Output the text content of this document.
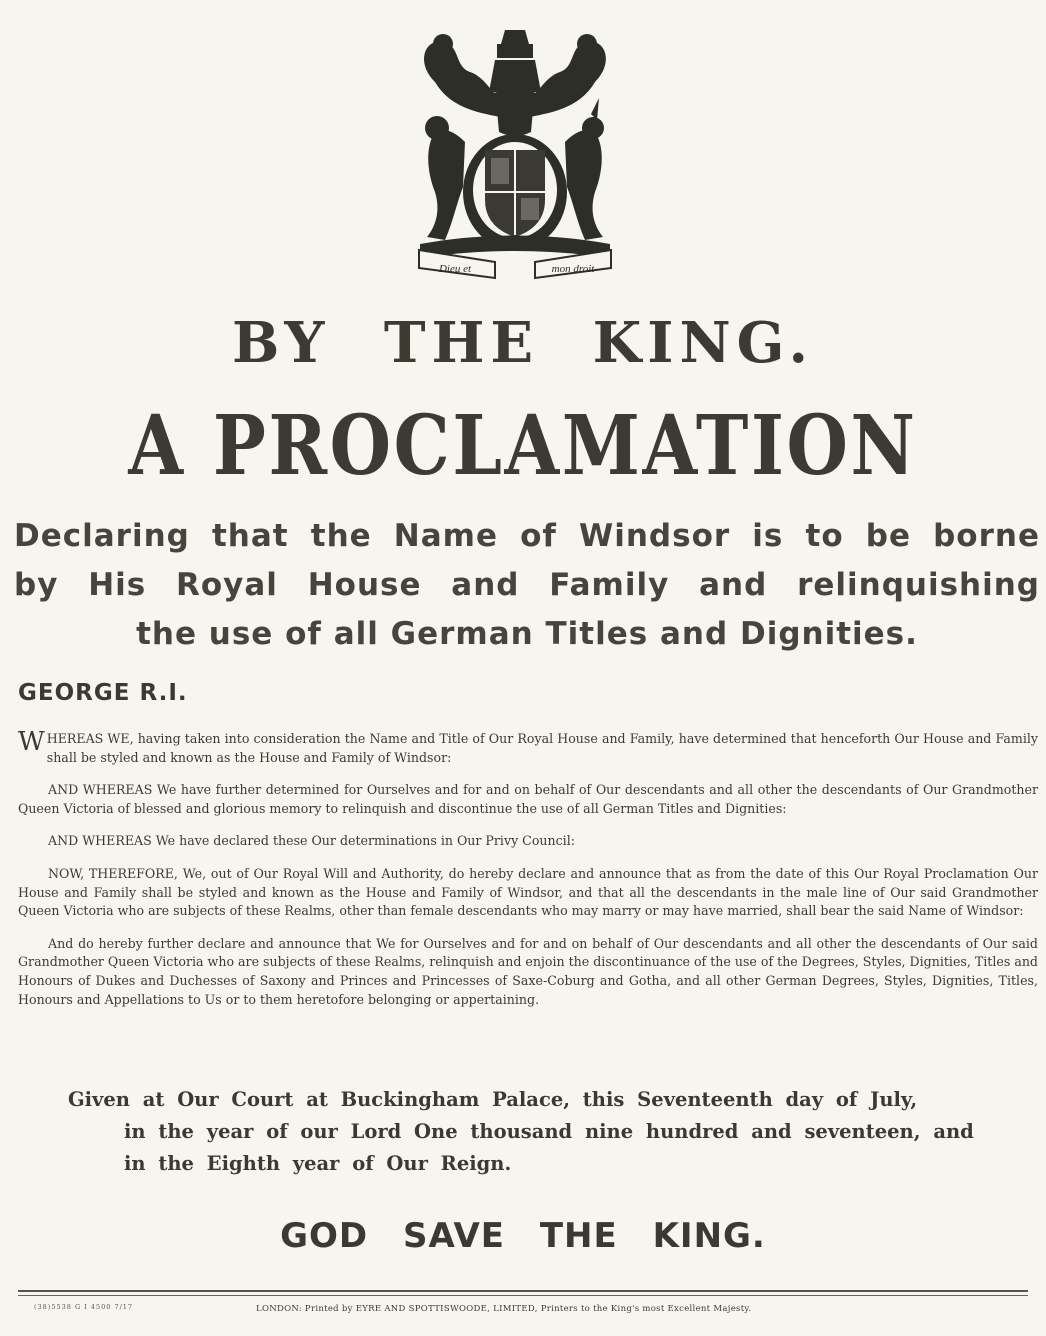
Dieu et	mon droit
BY THE KING.
A PROCLAMATION
Declaring that the Name of Windsor is to be borne
by His Royal House and Family and relinquishing
the use of all German Titles and Dignities.
GEORGE R.I.

WHEREAS WE, having taken into consideration the Name and Title of Our Royal House and Family, have determined that henceforth Our House and Family shall be styled and known as the House and Family of Windsor:

AND WHEREAS We have further determined for Ourselves and for and on behalf of Our descendants and all other the descendants of Our Grandmother Queen Victoria of blessed and glorious memory to relinquish and discontinue the use of all German Titles and Dignities:

AND WHEREAS We have declared these Our determinations in Our Privy Council:

NOW, THEREFORE, We, out of Our Royal Will and Authority, do hereby declare and announce that as from the date of this Our Royal Proclamation Our House and Family shall be styled and known as the House and Family of Windsor, and that all the descendants in the male line of Our said Grandmother Queen Victoria who are subjects of these Realms, other than female descendants who may marry or may have married, shall bear the said Name of Windsor:

And do hereby further declare and announce that We for Ourselves and for and on behalf of Our descendants and all other the descendants of Our said Grandmother Queen Victoria who are subjects of these Realms, relinquish and enjoin the discontinuance of the use of the Degrees, Styles, Dignities, Titles and Honours of Dukes and Duchesses of Saxony and Princes and Princesses of Saxe-Coburg and Gotha, and all other German Degrees, Styles, Dignities, Titles, Honours and Appellations to Us or to them heretofore belonging or appertaining.

Given at Our Court at Buckingham Palace, this Seventeenth day of July,
in the year of our Lord One thousand nine hundred and seventeen, and
in the Eighth year of Our Reign.
GOD SAVE THE KING.
(38)5538 G I 4500 7/17	LONDON: Printed by EYRE AND SPOTTISWOODE, LIMITED, Printers to the King's most Excellent Majesty.
